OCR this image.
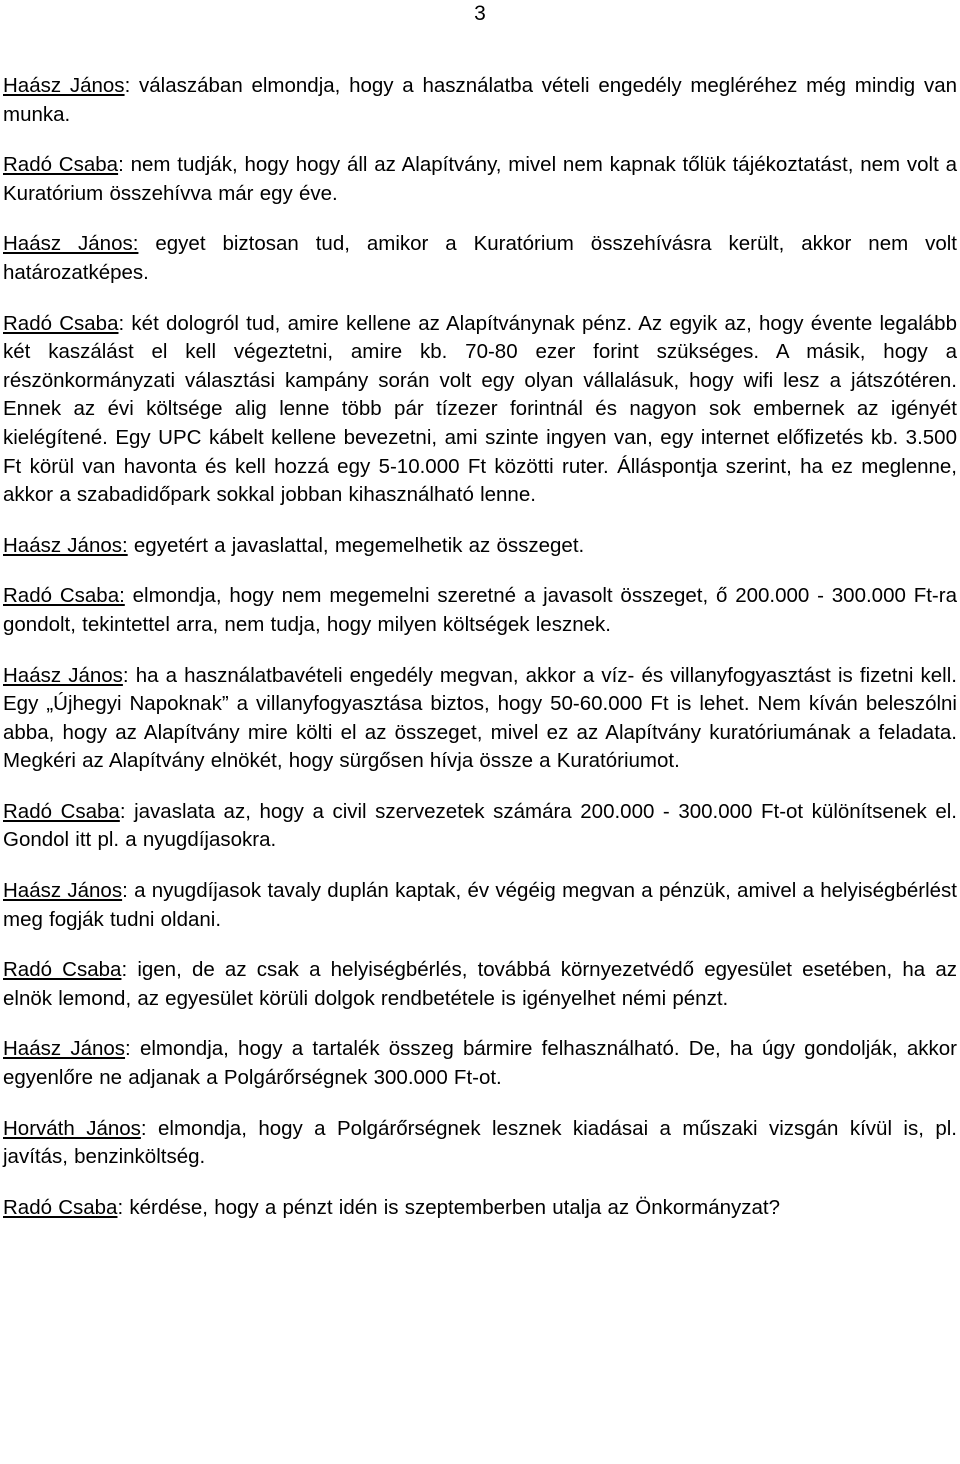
3

Haász János: válaszában elmondja, hogy a használatba vételi engedély megléréhez még mindig van munka.

Radó Csaba: nem tudják, hogy hogy áll az Alapítvány, mivel nem kapnak tőlük tájékoztatást, nem volt a Kuratórium összehívva már egy éve.

Haász János: egyet biztosan tud, amikor a Kuratórium összehívásra került, akkor nem volt határozatképes.

Radó Csaba: két dologról tud, amire kellene az Alapítványnak pénz. Az egyik az, hogy évente legalább két kaszálást el kell végeztetni, amire kb. 70-80 ezer forint szükséges. A másik, hogy a részönkormányzati választási kampány során volt egy olyan vállalásuk, hogy wifi lesz a játszótéren. Ennek az évi költsége alig lenne több pár tízezer forintnál és nagyon sok embernek az igényét kielégítené. Egy UPC kábelt kellene bevezetni, ami szinte ingyen van, egy internet előfizetés kb. 3.500 Ft körül van havonta és kell hozzá egy 5-10.000 Ft közötti ruter. Álláspontja szerint, ha ez meglenne, akkor a szabadidőpark sokkal jobban kihasználható lenne.

Haász János: egyetért a javaslattal, megemelhetik az összeget.

Radó Csaba: elmondja, hogy nem megemelni szeretné a javasolt összeget, ő 200.000 - 300.000 Ft-ra gondolt, tekintettel arra, nem tudja, hogy milyen költségek lesznek.

Haász János: ha a használatbavételi engedély megvan, akkor a víz- és villanyfogyasztást is fizetni kell. Egy „Újhegyi Napoknak” a villanyfogyasztása biztos, hogy 50-60.000 Ft is lehet. Nem kíván beleszólni abba, hogy az Alapítvány mire költi el az összeget, mivel ez az Alapítvány kuratóriumának a feladata. Megkéri az Alapítvány elnökét, hogy sürgősen hívja össze a Kuratóriumot.

Radó Csaba: javaslata az, hogy a civil szervezetek számára 200.000 - 300.000 Ft-ot különítsenek el. Gondol itt pl. a nyugdíjasokra.

Haász János: a nyugdíjasok tavaly duplán kaptak, év végéig megvan a pénzük, amivel a helyiségbérlést meg fogják tudni oldani.

Radó Csaba: igen, de az csak a helyiségbérlés, továbbá környezetvédő egyesület esetében, ha az elnök lemond, az egyesület körüli dolgok rendbetétele is igényelhet némi pénzt.

Haász János: elmondja, hogy a tartalék összeg bármire felhasználható. De, ha úgy gondolják, akkor egyenlőre ne adjanak a Polgárőrségnek 300.000 Ft-ot.

Horváth János: elmondja, hogy a Polgárőrségnek lesznek kiadásai a műszaki vizsgán kívül is, pl. javítás, benzinköltség.

Radó Csaba: kérdése, hogy a pénzt idén is szeptemberben utalja az Önkormányzat?
